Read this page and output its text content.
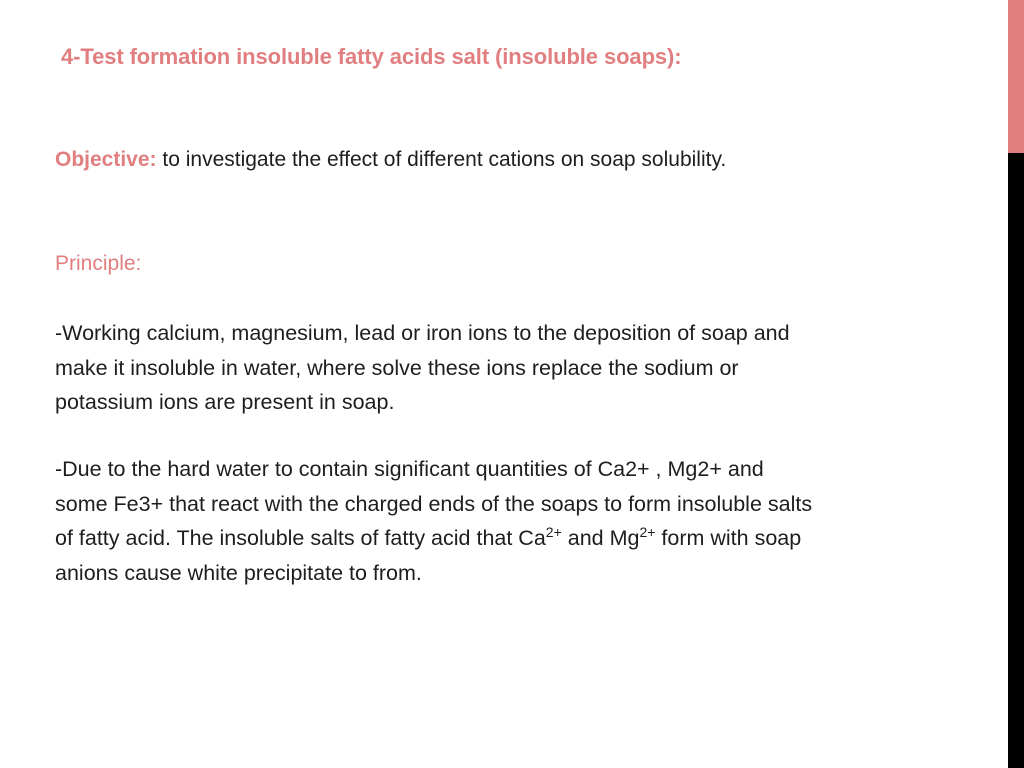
4-Test formation insoluble fatty acids salt (insoluble soaps):
Objective: to investigate the effect of different cations on soap solubility.
Principle:
-Working calcium, magnesium, lead or iron ions to the deposition of soap and
make it insoluble in water, where solve these ions replace the sodium or
potassium ions are present in soap.
-Due to the hard water to contain significant quantities of Ca2+ , Mg2+ and
some Fe3+ that react with the charged ends of the soaps to form insoluble salts
of fatty acid. The insoluble salts of fatty acid that $Ca^{2+}$ and $Mg^{2+}$ form with soap
anions cause white precipitate to from.
